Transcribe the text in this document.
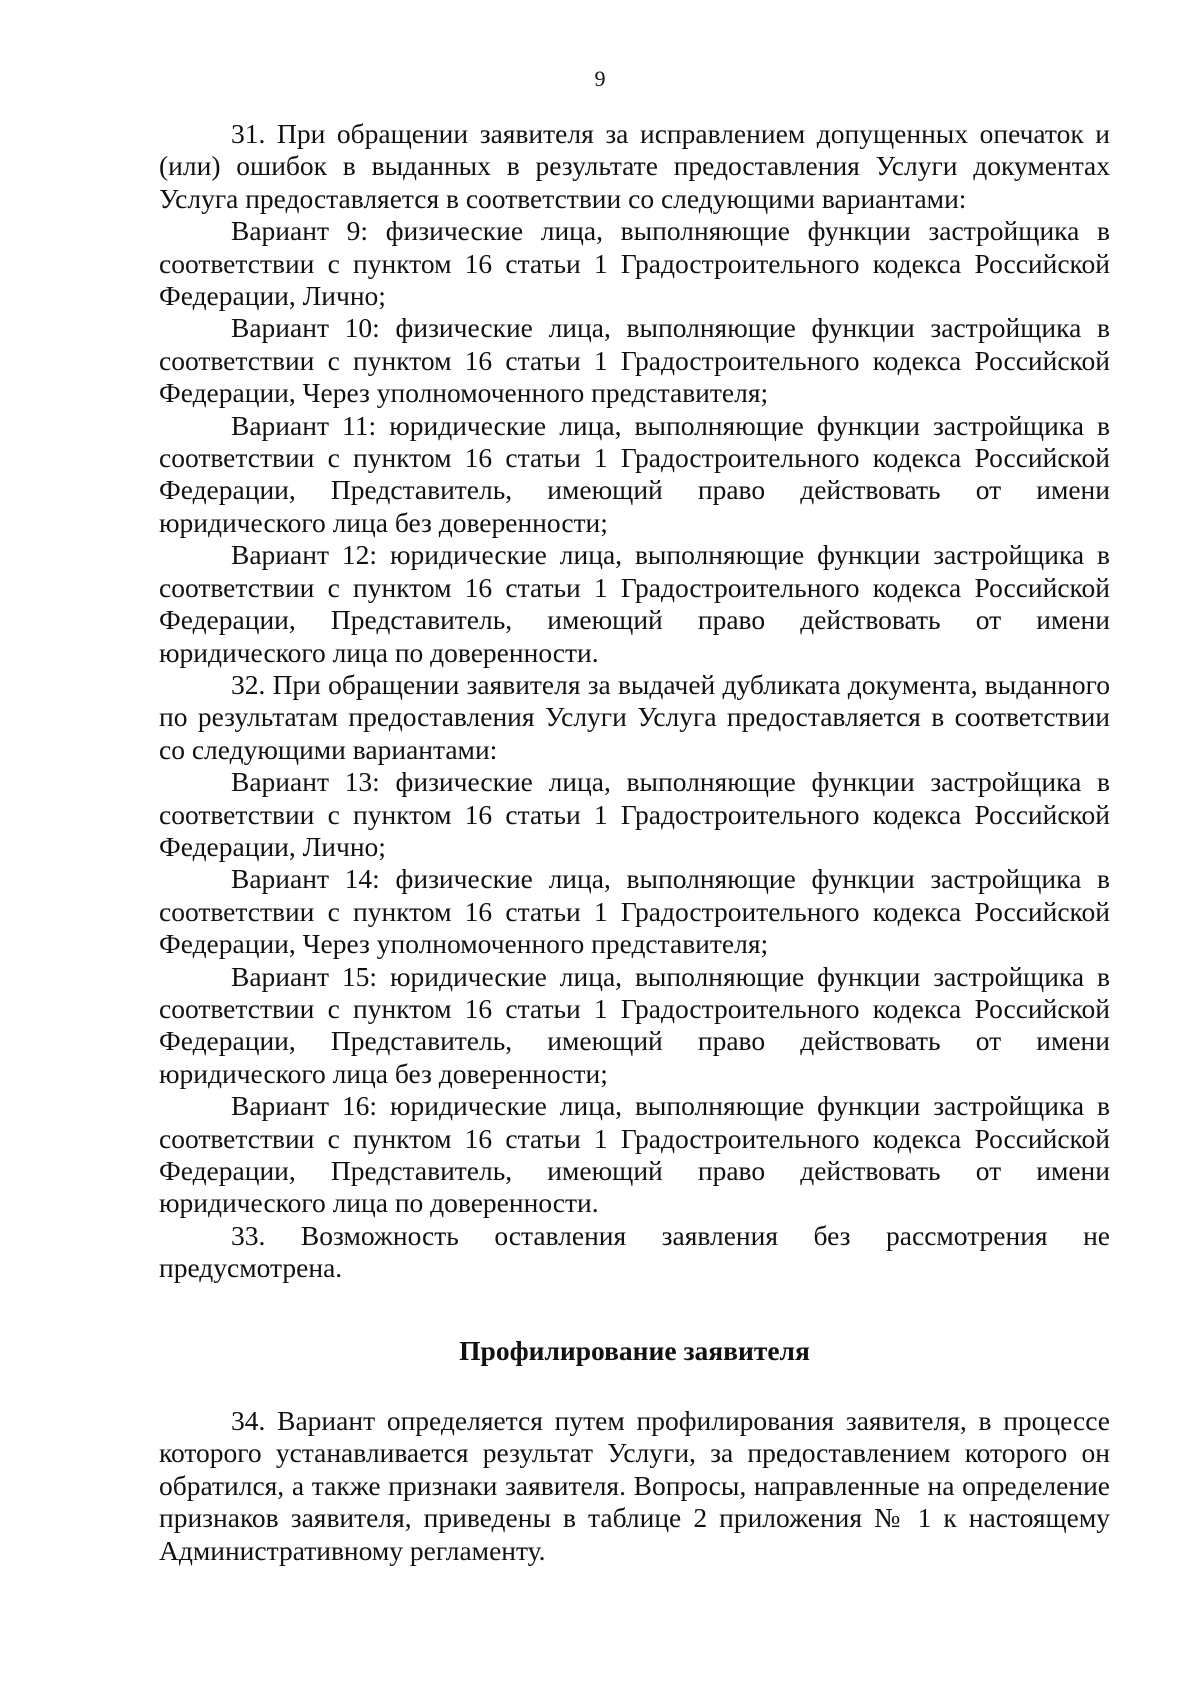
9

31. При обращении заявителя за исправлением допущенных опечаток и (или) ошибок в выданных в результате предоставления Услуги документах Услуга предоставляется в соответствии со следующими вариантами:

Вариант 9: физические лица, выполняющие функции застройщика в соответствии с пунктом 16 статьи 1 Градостроительного кодекса Российской Федерации, Лично;

Вариант 10: физические лица, выполняющие функции застройщика в соответствии с пунктом 16 статьи 1 Градостроительного кодекса Российской Федерации, Через уполномоченного представителя;

Вариант 11: юридические лица, выполняющие функции застройщика в соответствии с пунктом 16 статьи 1 Градостроительного кодекса Российской Федерации, Представитель, имеющий право действовать от имени юридического лица без доверенности;

Вариант 12: юридические лица, выполняющие функции застройщика в соответствии с пунктом 16 статьи 1 Градостроительного кодекса Российской Федерации, Представитель, имеющий право действовать от имени юридического лица по доверенности.

32. При обращении заявителя за выдачей дубликата документа, выданного по результатам предоставления Услуги Услуга предоставляется в соответствии со следующими вариантами:

Вариант 13: физические лица, выполняющие функции застройщика в соответствии с пунктом 16 статьи 1 Градостроительного кодекса Российской Федерации, Лично;

Вариант 14: физические лица, выполняющие функции застройщика в соответствии с пунктом 16 статьи 1 Градостроительного кодекса Российской Федерации, Через уполномоченного представителя;

Вариант 15: юридические лица, выполняющие функции застройщика в соответствии с пунктом 16 статьи 1 Градостроительного кодекса Российской Федерации, Представитель, имеющий право действовать от имени юридического лица без доверенности;

Вариант 16: юридические лица, выполняющие функции застройщика в соответствии с пунктом 16 статьи 1 Градостроительного кодекса Российской Федерации, Представитель, имеющий право действовать от имени юридического лица по доверенности.

33. Возможность оставления заявления без рассмотрения не предусмотрена.

Профилирование заявителя

34. Вариант определяется путем профилирования заявителя, в процессе которого устанавливается результат Услуги, за предоставлением которого он обратился, а также признаки заявителя. Вопросы, направленные на определение признаков заявителя, приведены в таблице 2 приложения № 1 к настоящему Административному регламенту.
